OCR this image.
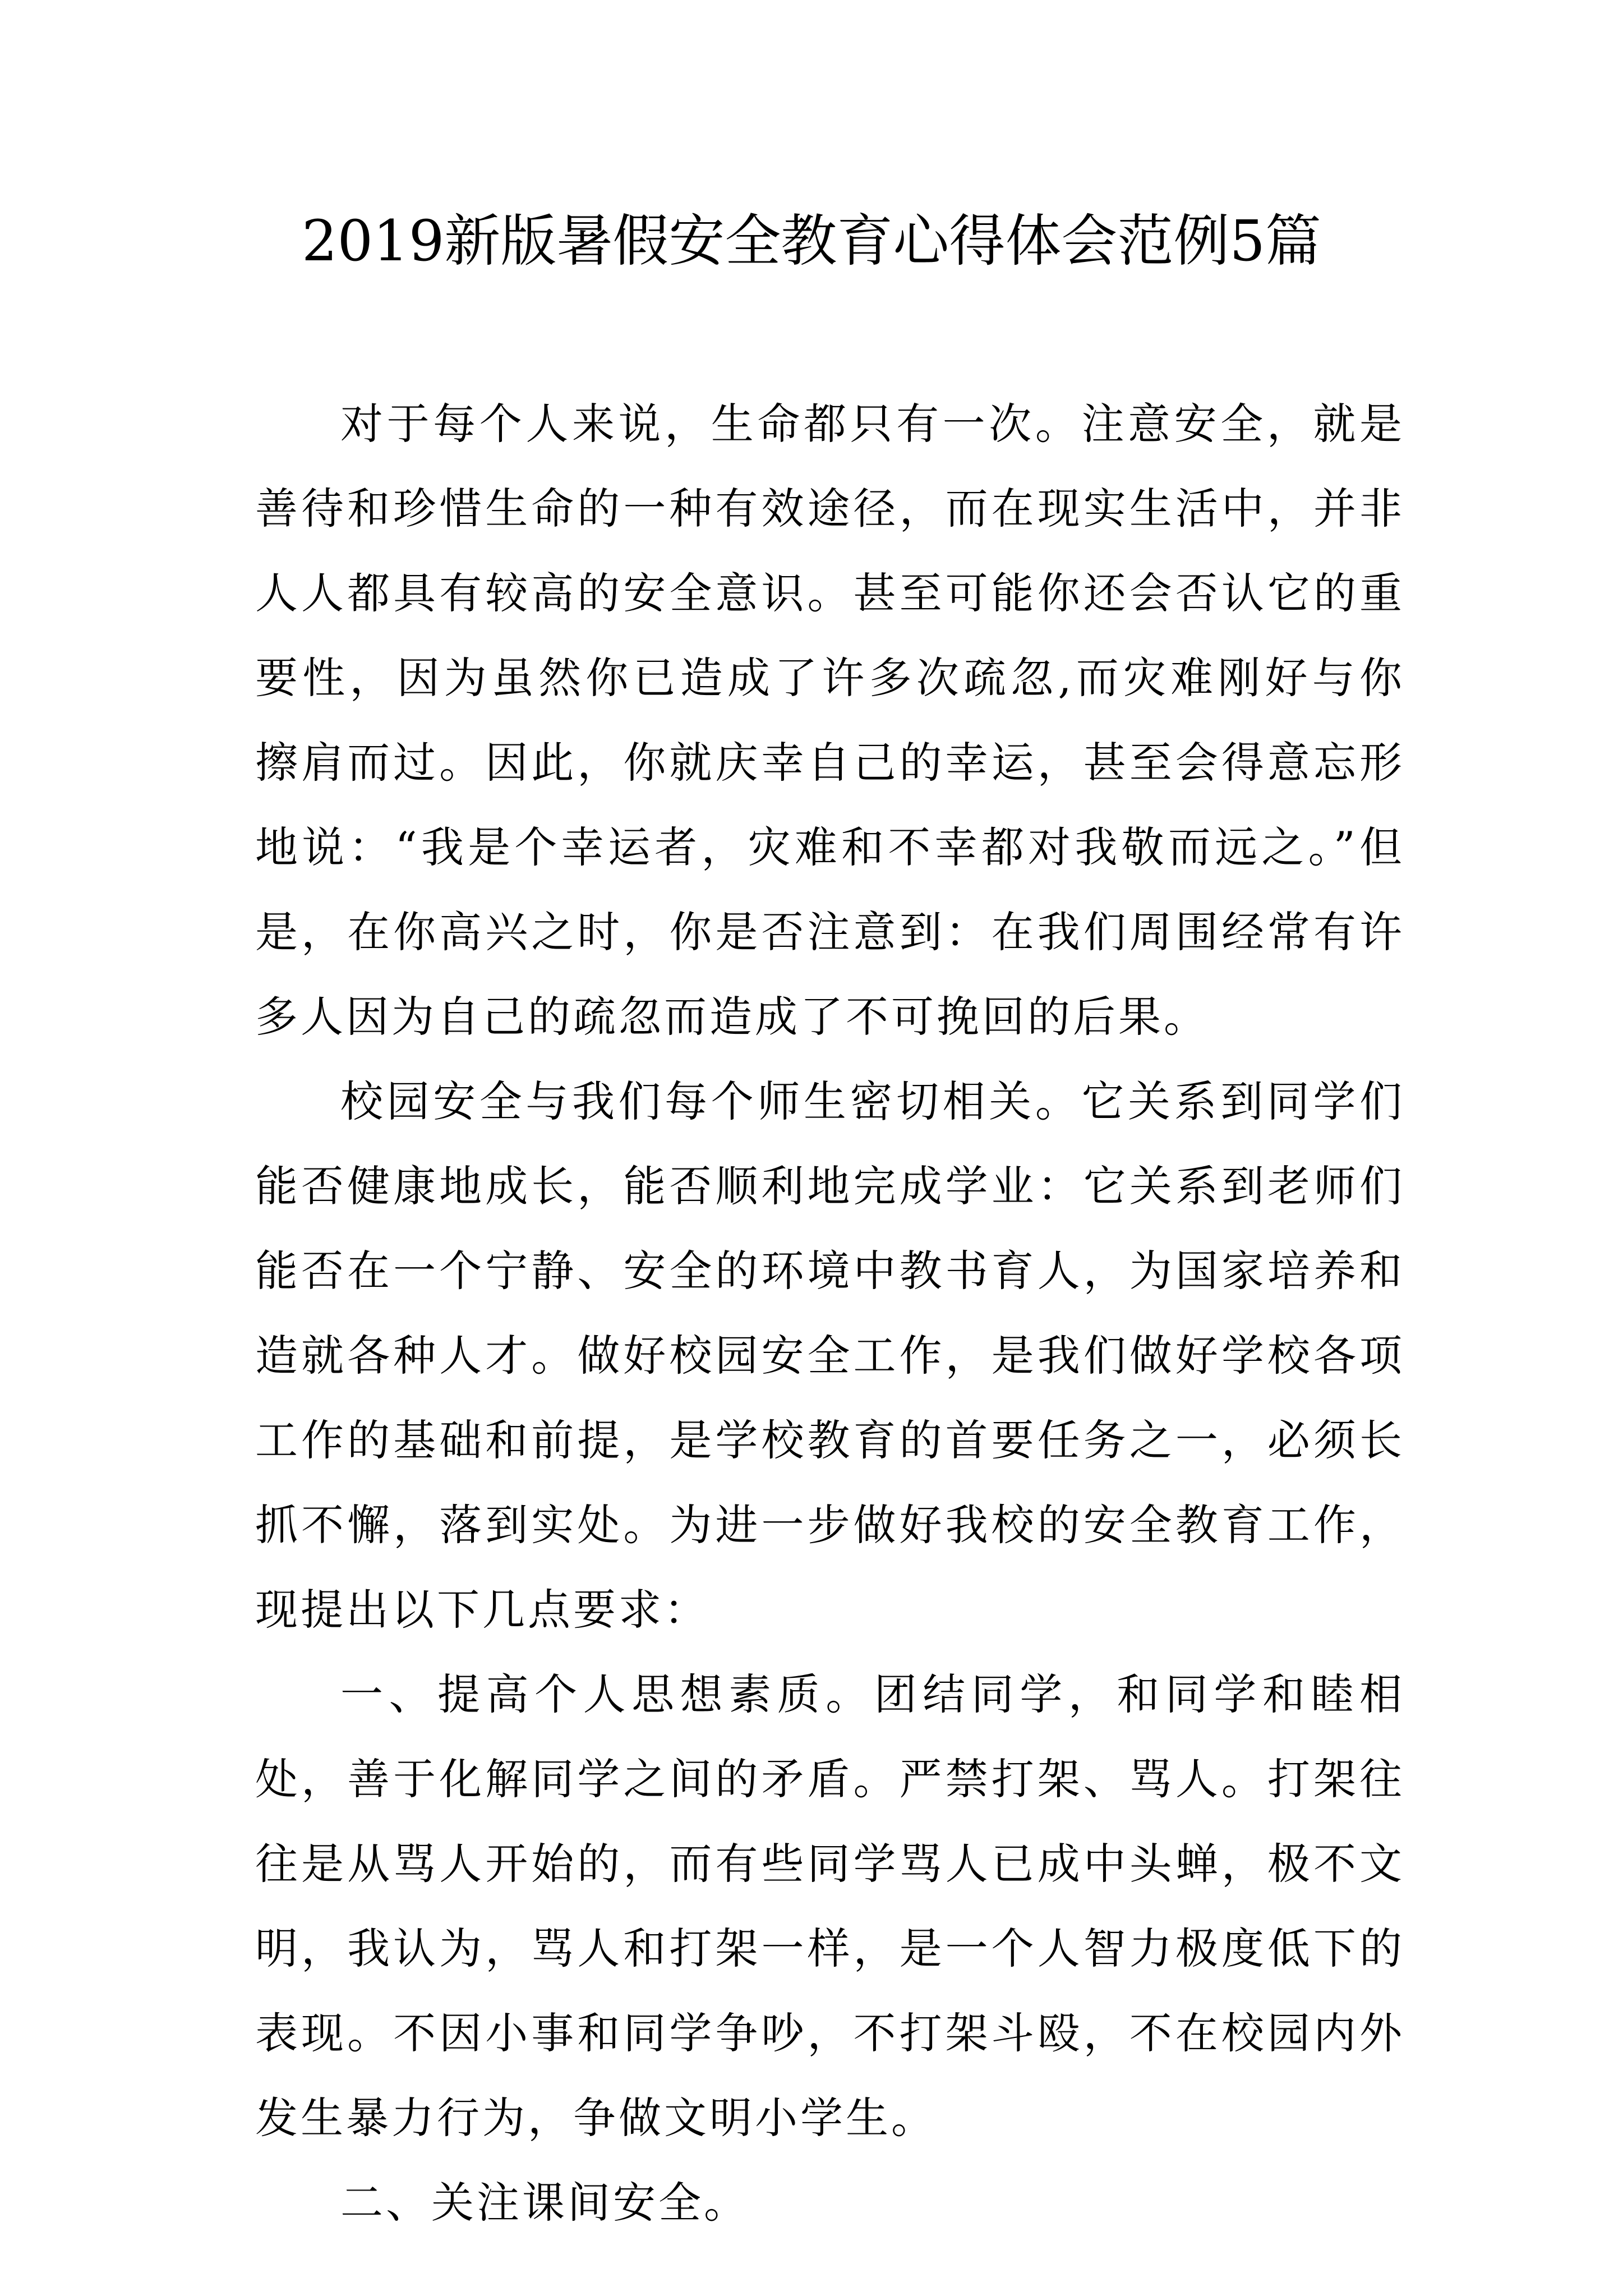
2019新版暑假安全教育心得体会范例5篇

对于每个人来说，生命都只有一次。注意安全，就是善待和珍惜生命的一种有效途径，而在现实生活中，并非人人都具有较高的安全意识。甚至可能你还会否认它的重要性，因为虽然你已造成了许多次疏忽,而灾难刚好与你擦肩而过。因此，你就庆幸自己的幸运，甚至会得意忘形地说：“我是个幸运者，灾难和不幸都对我敬而远之。”但是，在你高兴之时，你是否注意到：在我们周围经常有许多人因为自己的疏忽而造成了不可挽回的后果。

校园安全与我们每个师生密切相关。它关系到同学们能否健康地成长，能否顺利地完成学业：它关系到老师们能否在一个宁静、安全的环境中教书育人，为国家培养和造就各种人才。做好校园安全工作，是我们做好学校各项工作的基础和前提，是学校教育的首要任务之一，必须长抓不懈，落到实处。为进一步做好我校的安全教育工作，现提出以下几点要求：

一、提高个人思想素质。团结同学，和同学和睦相处，善于化解同学之间的矛盾。严禁打架、骂人。打架往往是从骂人开始的，而有些同学骂人已成中头蝉，极不文明，我认为，骂人和打架一样，是一个人智力极度低下的表现。不因小事和同学争吵，不打架斗殴，不在校园内外发生暴力行为，争做文明小学生。

二、关注课间安全。
